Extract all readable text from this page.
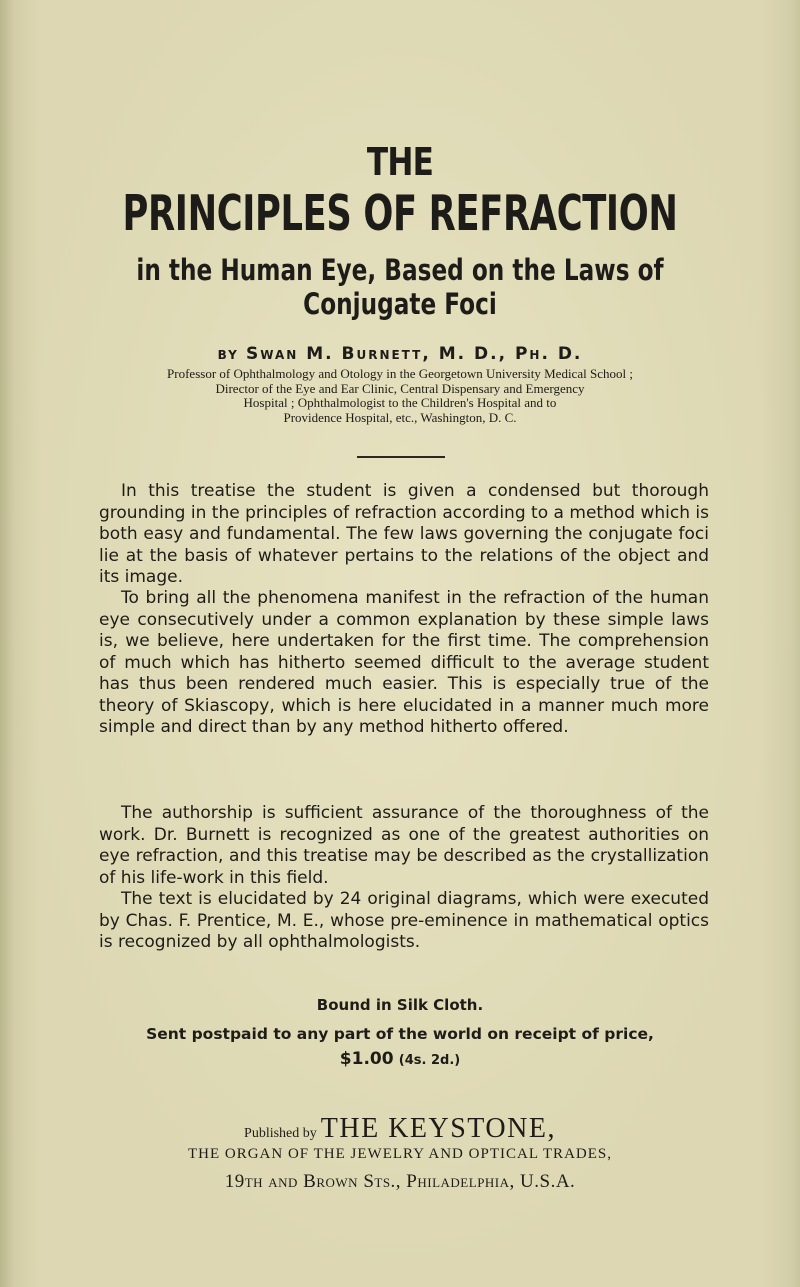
THE
PRINCIPLES OF REFRACTION
in the Human Eye, Based on the Laws of
Conjugate Foci
BY Swan M. Burnett, M. D., Ph. D.
Professor of Ophthalmology and Otology in the Georgetown University Medical School ;
Director of the Eye and Ear Clinic, Central Dispensary and Emergency
Hospital ; Ophthalmologist to the Children's Hospital and to
Providence Hospital, etc., Washington, D. C.

In this treatise the student is given a condensed but thorough grounding in the principles of refraction according to a method which is both easy and fundamental. The few laws governing the conjugate foci lie at the basis of whatever pertains to the relations of the object and its image.

To bring all the phenomena manifest in the refraction of the human eye consecutively under a common explanation by these simple laws is, we believe, here undertaken for the first time. The comprehension of much which has hitherto seemed difficult to the average student has thus been rendered much easier. This is especially true of the theory of Skiascopy, which is here elucidated in a manner much more simple and direct than by any method hitherto offered.

The authorship is sufficient assurance of the thoroughness of the work. Dr. Burnett is recognized as one of the greatest authorities on eye refraction, and this treatise may be described as the crystallization of his life-work in this field.

The text is elucidated by 24 original diagrams, which were executed by Chas. F. Prentice, M. E., whose pre-eminence in mathematical optics is recognized by all ophthalmologists.

Bound in Silk Cloth.
Sent postpaid to any part of the world on receipt of price,
$1.00 (4s. 2d.)
Published by THE KEYSTONE,
THE ORGAN OF THE JEWELRY AND OPTICAL TRADES,
19th and Brown Sts., Philadelphia, U.S.A.
